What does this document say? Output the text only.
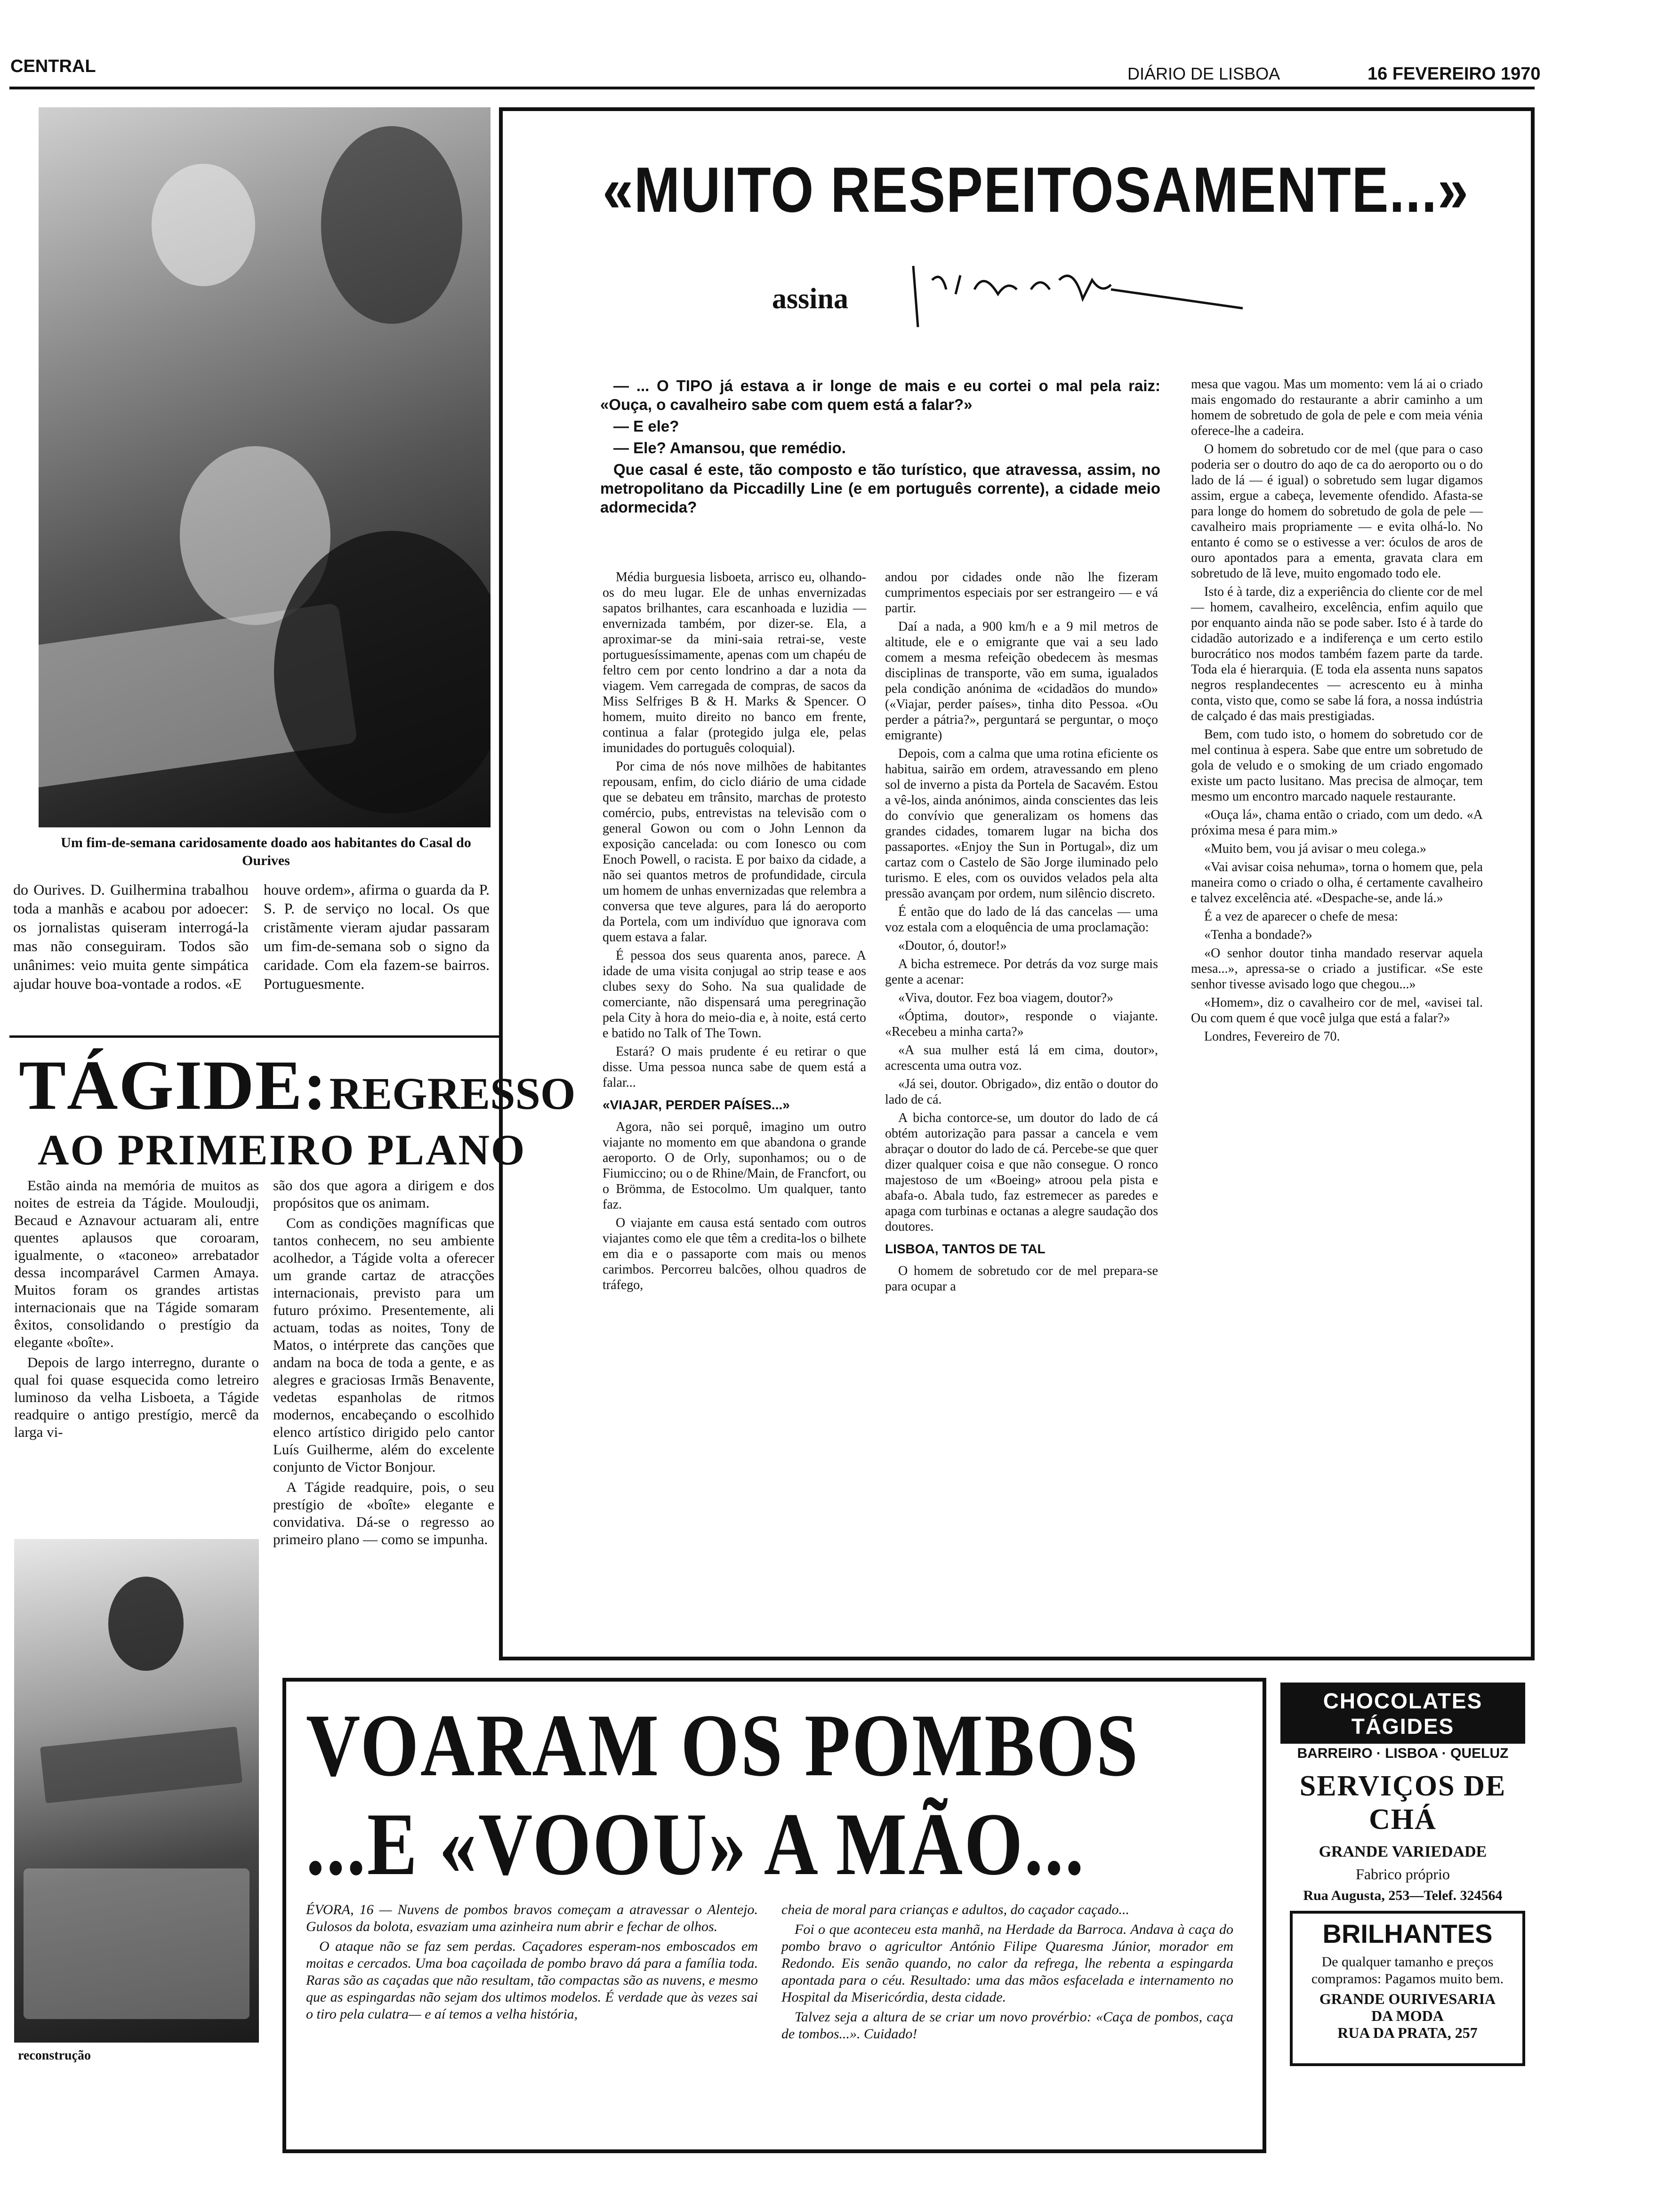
CENTRAL	DIÁRIO DE LISBOA	16 FEVEREIRO 1970
Um fim-de-semana caridosamente doado aos habitantes do Casal do Ourives

do Ourives. D. Guilhermina trabalhou toda a manhãs e acabou por adoecer: os jornalistas quiseram interrogá-la mas não conseguiram. Todos são unânimes: veio muita gente simpática ajudar houve boa-vontade a rodos. «E

houve ordem», afirma o guarda da P. S. P. de serviço no local. Os que cristãmente vieram ajudar passaram um fim-de-semana sob o signo da caridade. Com ela fazem-se bairros. Portuguesmente.

TÁGIDE: REGRESSO
AO PRIMEIRO PLANO

Estão ainda na memória de muitos as noites de estreia da Tágide. Mouloudji, Becaud e Aznavour actuaram ali, entre quentes aplausos que coroaram, igualmente, o «taconeo» arrebatador dessa incomparável Carmen Amaya. Muitos foram os grandes artistas internacionais que na Tágide somaram êxitos, consolidando o prestígio da elegante «boîte».

Depois de largo interregno, durante o qual foi quase esquecida como letreiro luminoso da velha Lisboeta, a Tágide readquire o antigo prestígio, mercê da larga vi-

são dos que agora a dirigem e dos propósitos que os animam.

Com as condições magníficas que tantos conhecem, no seu ambiente acolhedor, a Tágide volta a oferecer um grande cartaz de atracções internacionais, previsto para um futuro próximo. Presentemente, ali actuam, todas as noites, Tony de Matos, o intérprete das canções que andam na boca de toda a gente, e as alegres e graciosas Irmãs Benavente, vedetas espanholas de ritmos modernos, encabeçando o escolhido elenco artístico dirigido pelo cantor Luís Guilherme, além do excelente conjunto de Victor Bonjour.

A Tágide readquire, pois, o seu prestígio de «boîte» elegante e convidativa. Dá-se o regresso ao primeiro plano — como se impunha.

reconstrução
«MUITO RESPEITOSAMENTE...»
assina

— ... O TIPO já estava a ir longe de mais e eu cortei o mal pela raiz: «Ouça, o cavalheiro sabe com quem está a falar?»

— E ele?

— Ele? Amansou, que remédio.

Que casal é este, tão composto e tão turístico, que atravessa, assim, no metropolitano da Piccadilly Line (e em português corrente), a cidade meio adormecida?

Média burguesia lisboeta, arrisco eu, olhando-os do meu lugar. Ele de unhas envernizadas sapatos brilhantes, cara escanhoada e luzidia — envernizada também, por dizer-se. Ela, a aproximar-se da mini-saia retrai-se, veste portuguesíssimamente, apenas com um chapéu de feltro cem por cento londrino a dar a nota da viagem. Vem carregada de compras, de sacos da Miss Selfriges B & H. Marks & Spencer. O homem, muito direito no banco em frente, continua a falar (protegido julga ele, pelas imunidades do português coloquial).

Por cima de nós nove milhões de habitantes repousam, enfim, do ciclo diário de uma cidade que se debateu em trânsito, marchas de protesto comércio, pubs, entrevistas na televisão com o general Gowon ou com o John Lennon da exposição cancelada: ou com Ionesco ou com Enoch Powell, o racista. E por baixo da cidade, a não sei quantos metros de profundidade, circula um homem de unhas envernizadas que relembra a conversa que teve algures, para lá do aeroporto da Portela, com um indivíduo que ignorava com quem estava a falar.

É pessoa dos seus quarenta anos, parece. A idade de uma visita conjugal ao strip tease e aos clubes sexy do Soho. Na sua qualidade de comerciante, não dispensará uma peregrinação pela City à hora do meio-dia e, à noite, está certo e batido no Talk of The Town.

Estará? O mais prudente é eu retirar o que disse. Uma pessoa nunca sabe de quem está a falar...

«VIAJAR, PERDER PAÍSES...»

Agora, não sei porquê, imagino um outro viajante no momento em que abandona o grande aeroporto. O de Orly, suponhamos; ou o de Fiumiccino; ou o de Rhine/Main, de Francfort, ou o Brömma, de Estocolmo. Um qualquer, tanto faz.

O viajante em causa está sentado com outros viajantes como ele que têm a credita-los o bilhete em dia e o passaporte com mais ou menos carimbos. Percorreu balcões, olhou quadros de tráfego,

andou por cidades onde não lhe fizeram cumprimentos especiais por ser estrangeiro — e vá partir.

Daí a nada, a 900 km/h e a 9 mil metros de altitude, ele e o emigrante que vai a seu lado comem a mesma refeição obedecem às mesmas disciplinas de transporte, vão em suma, igualados pela condição anónima de «cidadãos do mundo» («Viajar, perder países», tinha dito Pessoa. «Ou perder a pátria?», perguntará se perguntar, o moço emigrante)

Depois, com a calma que uma rotina eficiente os habitua, sairão em ordem, atravessando em pleno sol de inverno a pista da Portela de Sacavém. Estou a vê-los, ainda anónimos, ainda conscientes das leis do convívio que generalizam os homens das grandes cidades, tomarem lugar na bicha dos passaportes. «Enjoy the Sun in Portugal», diz um cartaz com o Castelo de São Jorge iluminado pelo turismo. E eles, com os ouvidos velados pela alta pressão avançam por ordem, num silêncio discreto.

É então que do lado de lá das cancelas — uma voz estala com a eloquência de uma proclamação:

«Doutor, ó, doutor!»

A bicha estremece. Por detrás da voz surge mais gente a acenar:

«Viva, doutor. Fez boa viagem, doutor?»

«Óptima, doutor», responde o viajante. «Recebeu a minha carta?»

«A sua mulher está lá em cima, doutor», acrescenta uma outra voz.

«Já sei, doutor. Obrigado», diz então o doutor do lado de cá.

A bicha contorce-se, um doutor do lado de cá obtém autorização para passar a cancela e vem abraçar o doutor do lado de cá. Percebe-se que quer dizer qualquer coisa e que não consegue. O ronco majestoso de um «Boeing» atroou pela pista e abafa-o. Abala tudo, faz estremecer as paredes e apaga com turbinas e octanas a alegre saudação dos doutores.

LISBOA, TANTOS DE TAL

O homem de sobretudo cor de mel prepara-se para ocupar a

mesa que vagou. Mas um momento: vem lá ai o criado mais engomado do restaurante a abrir caminho a um homem de sobretudo de gola de pele e com meia vénia oferece-lhe a cadeira.

O homem do sobretudo cor de mel (que para o caso poderia ser o doutro do aqo de ca do aeroporto ou o do lado de lá — é igual) o sobretudo sem lugar digamos assim, ergue a cabeça, levemente ofendido. Afasta-se para longe do homem do sobretudo de gola de pele — cavalheiro mais propriamente — e evita olhá-lo. No entanto é como se o estivesse a ver: óculos de aros de ouro apontados para a ementa, gravata clara em sobretudo de lã leve, muito engomado todo ele.

Isto é à tarde, diz a experiência do cliente cor de mel — homem, cavalheiro, excelência, enfim aquilo que por enquanto ainda não se pode saber. Isto é à tarde do cidadão autorizado e a indiferença e um certo estilo burocrático nos modos também fazem parte da tarde. Toda ela é hierarquia. (E toda ela assenta nuns sapatos negros resplandecentes — acrescento eu à minha conta, visto que, como se sabe lá fora, a nossa indústria de calçado é das mais prestigiadas.

Bem, com tudo isto, o homem do sobretudo cor de mel continua à espera. Sabe que entre um sobretudo de gola de veludo e o smoking de um criado engomado existe um pacto lusitano. Mas precisa de almoçar, tem mesmo um encontro marcado naquele restaurante.

«Ouça lá», chama então o criado, com um dedo. «A próxima mesa é para mim.»

«Muito bem, vou já avisar o meu colega.»

«Vai avisar coisa nehuma», torna o homem que, pela maneira como o criado o olha, é certamente cavalheiro e talvez excelência até. «Despache-se, ande lá.»

É a vez de aparecer o chefe de mesa:

«Tenha a bondade?»

«O senhor doutor tinha mandado reservar aquela mesa...», apressa-se o criado a justificar. «Se este senhor tivesse avisado logo que chegou...»

«Homem», diz o cavalheiro cor de mel, «avisei tal. Ou com quem é que você julga que está a falar?»

Londres, Fevereiro de 70.

VOARAM OS POMBOS
...E «VOOU» A MÃO...

ÉVORA, 16 — Nuvens de pombos bravos começam a atravessar o Alentejo. Gulosos da bolota, esvaziam uma azinheira num abrir e fechar de olhos.

O ataque não se faz sem perdas. Caçadores esperam-nos emboscados em moitas e cercados. Uma boa caçoilada de pombo bravo dá para a família toda. Raras são as caçadas que não resultam, tão compactas são as nuvens, e mesmo que as espingardas não sejam dos ultimos modelos. É verdade que às vezes sai o tiro pela culatra— e aí temos a velha história,

cheia de moral para crianças e adultos, do caçador caçado...

Foi o que aconteceu esta manhã, na Herdade da Barroca. Andava à caça do pombo bravo o agricultor António Filipe Quaresma Júnior, morador em Redondo. Eis senão quando, no calor da refrega, lhe rebenta a espingarda apontada para o céu. Resultado: uma das mãos esfacelada e internamento no Hospital da Misericórdia, desta cidade.

Talvez seja a altura de se criar um novo provérbio: «Caça de pombos, caça de tombos...». Cuidado!

CHOCOLATES TÁGIDES
BARREIRO · LISBOA · QUELUZ
SERVIÇOS DE CHÁ
GRANDE VARIEDADE
Fabrico próprio
Rua Augusta, 253—Telef. 324564
BRILHANTES
De qualquer tamanho e preços compramos: Pagamos muito bem.
GRANDE OURIVESARIA
DA MODA
RUA DA PRATA, 257
